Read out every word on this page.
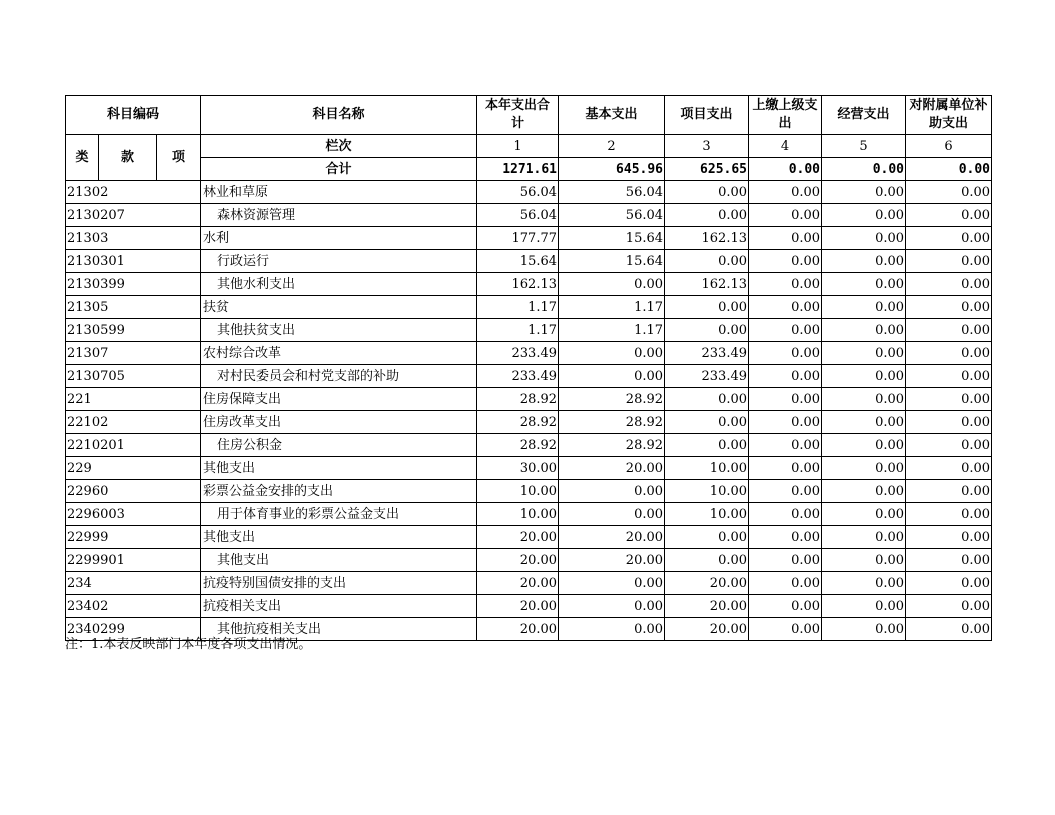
科目编码			科目名称	本年支出合计	基本支出	项目支出	上缴上级支出	经营支出	对附属单位补助支出
类	款	项	栏次	1	2	3	4	5	6
			合计	1271.61	645.96	625.65	0.00	0.00	0.00
21302			林业和草原	56.04	56.04	0.00	0.00	0.00	0.00
2130207			森林资源管理	56.04	56.04	0.00	0.00	0.00	0.00
21303			水利	177.77	15.64	162.13	0.00	0.00	0.00
2130301			行政运行	15.64	15.64	0.00	0.00	0.00	0.00
2130399			其他水利支出	162.13	0.00	162.13	0.00	0.00	0.00
21305			扶贫	1.17	1.17	0.00	0.00	0.00	0.00
2130599			其他扶贫支出	1.17	1.17	0.00	0.00	0.00	0.00
21307			农村综合改革	233.49	0.00	233.49	0.00	0.00	0.00
2130705			对村民委员会和村党支部的补助	233.49	0.00	233.49	0.00	0.00	0.00
221			住房保障支出	28.92	28.92	0.00	0.00	0.00	0.00
22102			住房改革支出	28.92	28.92	0.00	0.00	0.00	0.00
2210201			住房公积金	28.92	28.92	0.00	0.00	0.00	0.00
229			其他支出	30.00	20.00	10.00	0.00	0.00	0.00
22960			彩票公益金安排的支出	10.00	0.00	10.00	0.00	0.00	0.00
2296003			用于体育事业的彩票公益金支出	10.00	0.00	10.00	0.00	0.00	0.00
22999			其他支出	20.00	20.00	0.00	0.00	0.00	0.00
2299901			其他支出	20.00	20.00	0.00	0.00	0.00	0.00
234			抗疫特别国债安排的支出	20.00	0.00	20.00	0.00	0.00	0.00
23402			抗疫相关支出	20.00	0.00	20.00	0.00	0.00	0.00
2340299			其他抗疫相关支出	20.00	0.00	20.00	0.00	0.00	0.00
注：1.本表反映部门本年度各项支出情况。
